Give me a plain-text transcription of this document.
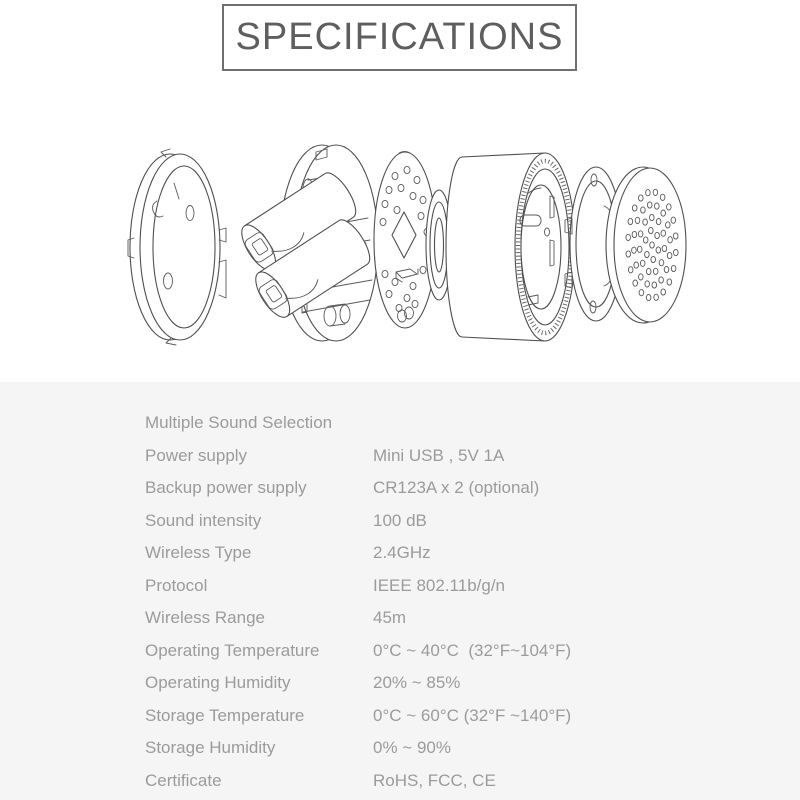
SPECIFICATIONS
Multiple Sound Selection
Power supply	Mini USB , 5V 1A
Backup power supply	CR123A x 2 (optional)
Sound intensity	100 dB
Wireless Type	2.4GHz
Protocol	IEEE 802.11b/g/n
Wireless Range	45m
Operating Temperature	0°C ~ 40°C  (32°F~104°F)
Operating Humidity	20% ~ 85%
Storage Temperature	0°C ~ 60°C (32°F ~140°F)
Storage Humidity	0% ~ 90%
Certificate	RoHS, FCC, CE
